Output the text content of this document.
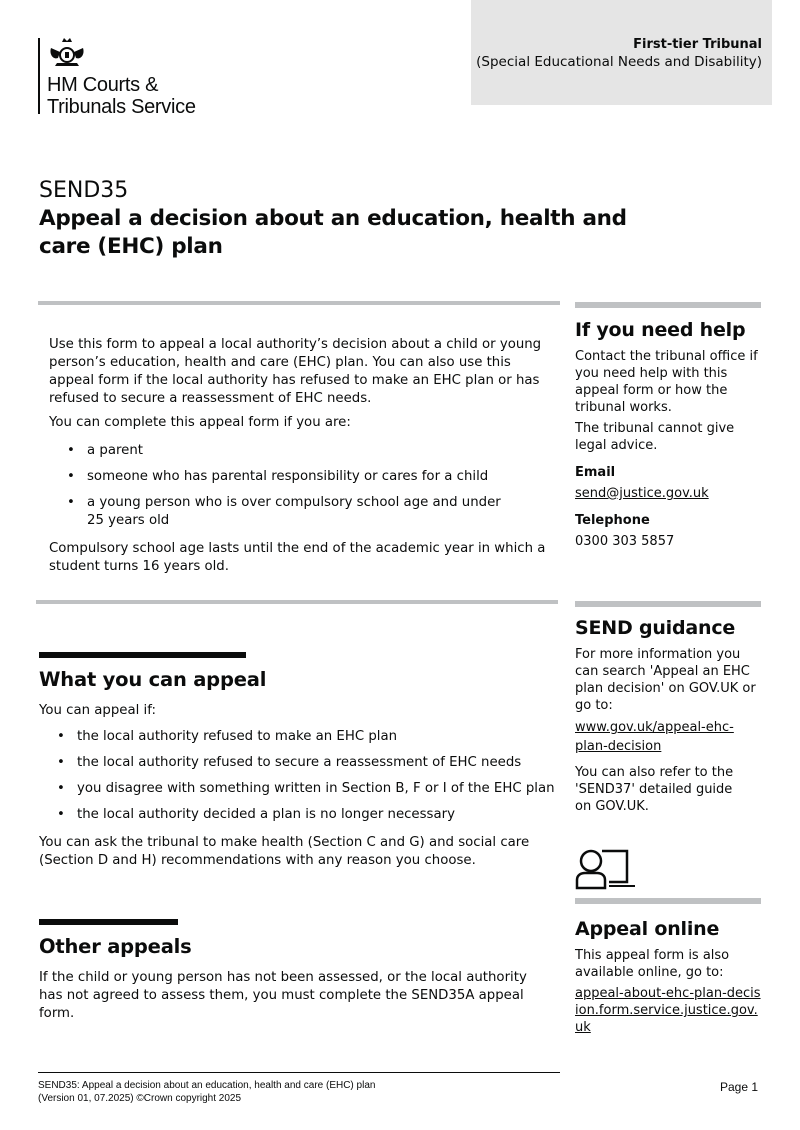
HM Courts &
Tribunals Service
First-tier Tribunal
(Special Educational Needs and Disability)
SEND35
Appeal a decision about an education, health and care (EHC) plan

Use this form to appeal a local authority’s decision about a child or young person’s education, health and care (EHC) plan. You can also use this appeal form if the local authority has refused to make an EHC plan or has refused to secure a reassessment of EHC needs.

You can complete this appeal form if you are:

• a parent
• someone who has parental responsibility or cares for a child
• a young person who is over compulsory school age and under 25 years old

Compulsory school age lasts until the end of the academic year in which a student turns 16 years old.

What you can appeal

You can appeal if:

• the local authority refused to make an EHC plan
• the local authority refused to secure a reassessment of EHC needs
• you disagree with something written in Section B, F or I of the EHC plan
• the local authority decided a plan is no longer necessary

You can ask the tribunal to make health (Section C and G) and social care (Section D and H) recommendations with any reason you choose.

Other appeals

If the child or young person has not been assessed, or the local authority has not agreed to assess them, you must complete the SEND35A appeal form.

If you need help

Contact the tribunal office if you need help with this appeal form or how the tribunal works.

The tribunal cannot give legal advice.

Email

send@justice.gov.uk

Telephone

0300 303 5857

SEND guidance

For more information you can search 'Appeal an EHC plan decision' on GOV.UK or go to:

www.gov.uk/appeal-ehc-plan-decision

You can also refer to the 'SEND37' detailed guide on GOV.UK.

Appeal online

This appeal form is also available online, go to:

appeal-about-ehc-plan-decision.form.service.justice.gov.uk

SEND35: Appeal a decision about an education, health and care (EHC) plan
(Version 01, 07.2025) ©Crown copyright 2025
Page 1
